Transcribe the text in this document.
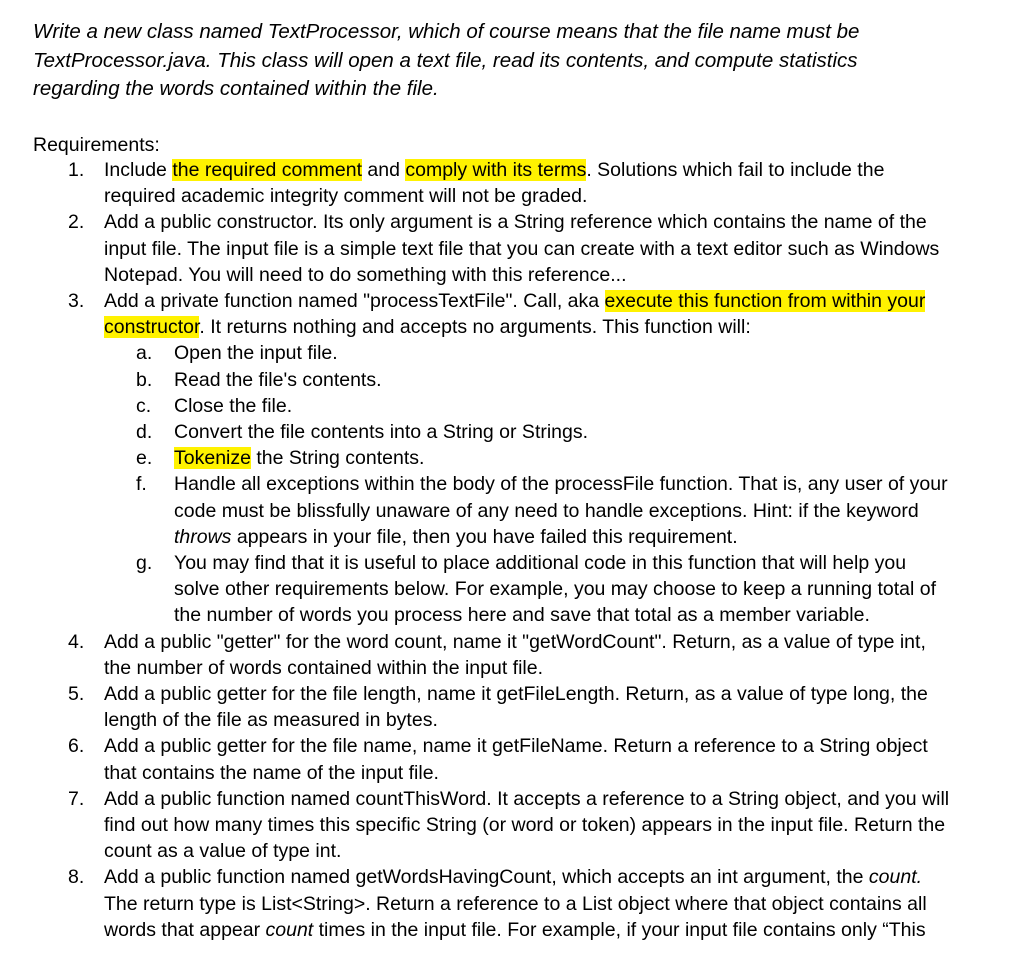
Write a new class named TextProcessor, which of course means that the file name must be
TextProcessor.java. This class will open a text file, read its contents, and compute statistics
regarding the words contained within the file.
Requirements:
1.	Include the required comment and comply with its terms. Solutions which fail to include the required academic integrity comment will not be graded.
2.	Add a public constructor. Its only argument is a String reference which contains the name of the input file. The input file is a simple text file that you can create with a text editor such as Windows Notepad. You will need to do something with this reference...
3.	Add a private function named "processTextFile". Call, aka execute this function from within your constructor. It returns nothing and accepts no arguments. This function will:
a.	Open the input file.
b.	Read the file's contents.
c.	Close the file.
d.	Convert the file contents into a String or Strings.
e.	Tokenize the String contents.
f.	Handle all exceptions within the body of the processFile function. That is, any user of your code must be blissfully unaware of any need to handle exceptions. Hint: if the keyword throws appears in your file, then you have failed this requirement.
g.	You may find that it is useful to place additional code in this function that will help you solve other requirements below. For example, you may choose to keep a running total of the number of words you process here and save that total as a member variable.
4.	Add a public "getter" for the word count, name it "getWordCount". Return, as a value of type int, the number of words contained within the input file.
5.	Add a public getter for the file length, name it getFileLength. Return, as a value of type long, the length of the file as measured in bytes.
6.	Add a public getter for the file name, name it getFileName. Return a reference to a String object that contains the name of the input file.
7.	Add a public function named countThisWord. It accepts a reference to a String object, and you will find out how many times this specific String (or word or token) appears in the input file. Return the count as a value of type int.
8.	Add a public function named getWordsHavingCount, which accepts an int argument, the count. The return type is List<String>. Return a reference to a List object where that object contains all words that appear count times in the input file. For example, if your input file contains only “This
